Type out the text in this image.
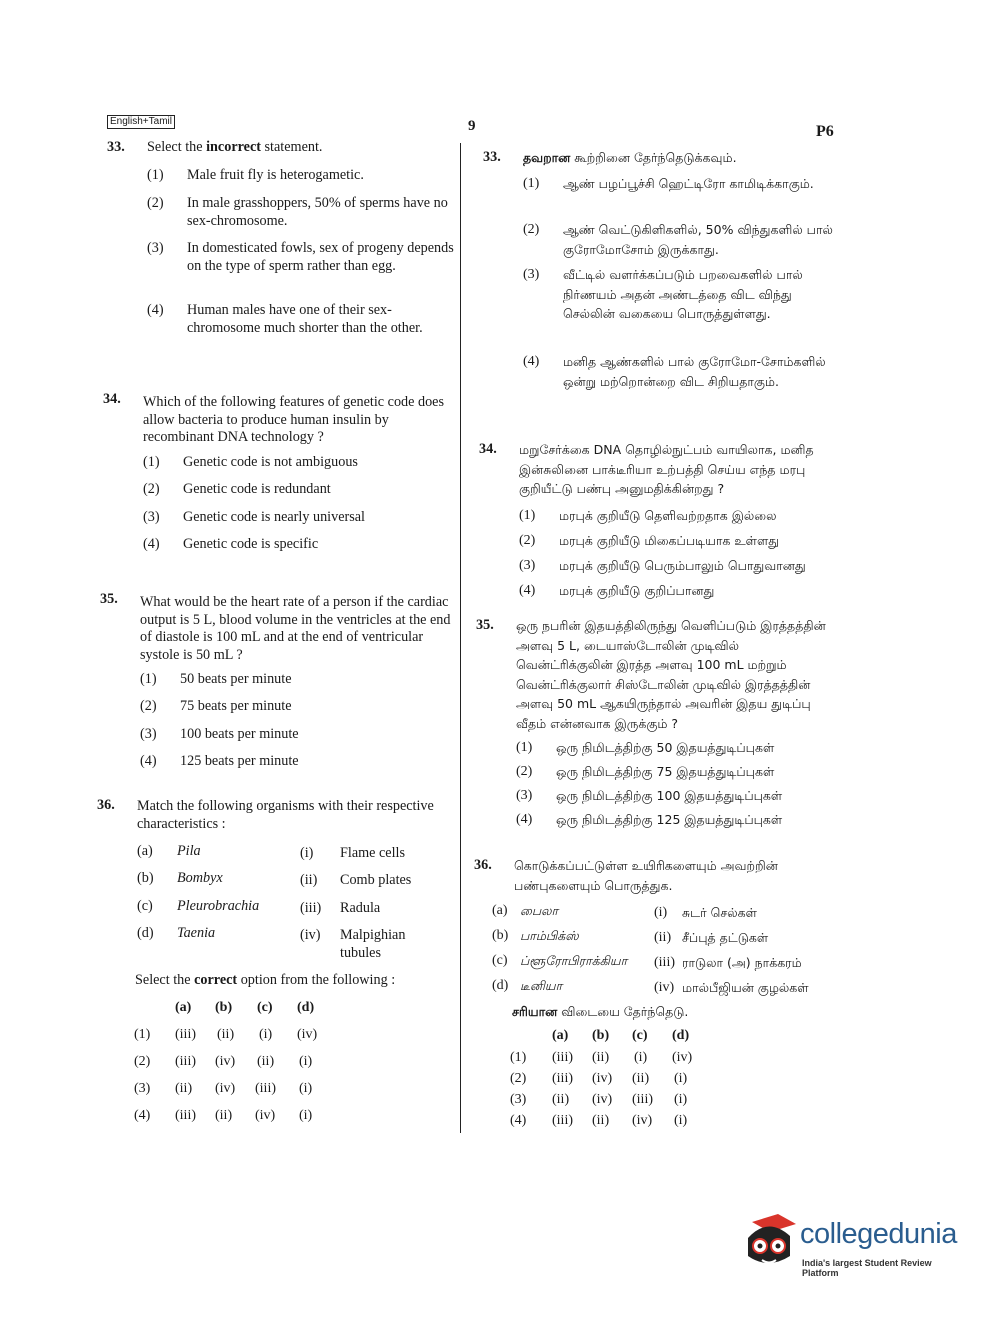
English+Tamil	9	P6
33. Select the incorrect statement.
(1) Male fruit fly is heterogametic.
(2) In male grasshoppers, 50% of sperms have no sex-chromosome.
(3) In domesticated fowls, sex of progeny depends on the type of sperm rather than egg.
(4) Human males have one of their sex-chromosome much shorter than the other.
34. Which of the following features of genetic code does allow bacteria to produce human insulin by recombinant DNA technology ?
(1) Genetic code is not ambiguous
(2) Genetic code is redundant
(3) Genetic code is nearly universal
(4) Genetic code is specific
35. What would be the heart rate of a person if the cardiac output is 5 L, blood volume in the ventricles at the end of diastole is 100 mL and at the end of ventricular systole is 50 mL ?
(1) 50 beats per minute
(2) 75 beats per minute
(3) 100 beats per minute
(4) 125 beats per minute
36. Match the following organisms with their respective characteristics :
(a) Pila
(b) Bombyx
(c) Pleurobrachia
(d) Taenia
(i) Flame cells
(ii) Comb plates
(iii) Radula
(iv) Malpighian tubules
Select the correct option from the following :
(a) (b) (c) (d)
(1) (iii) (ii) (i) (iv)
(2) (iii) (iv) (ii) (i)
(3) (ii) (iv) (iii) (i)
(4) (iii) (ii) (iv) (i)
33. தவறான கூற்றினை தேர்ந்தெடுக்கவும்.
(1) ஆண் பழப்பூச்சி ஹெட்டிரோ காமிடிக்காகும்.
(2) ஆண் வெட்டுகிளிகளில், 50% விந்துகளில் பால் குரோமோசோம் இருக்காது.
(3) வீட்டில் வளர்க்கப்படும் பறவைகளில் பால் நிர்ணயம் அதன் அண்டத்தை விட விந்து செல்லின் வகையை பொருத்துள்ளது.
(4) மனித ஆண்களில் பால் குரோமோ-சோம்களில் ஒன்று மற்றொன்றை விட சிறியதாகும்.
34. மறுசேர்க்கை DNA தொழில்நுட்பம் வாயிலாக, மனித இன்சுலினை பாக்டீரியா உற்பத்தி செய்ய எந்த மரபு குறியீட்டு பண்பு அனுமதிக்கின்றது ?
(1) மரபுக் குறியீடு தெளிவற்றதாக இல்லை
(2) மரபுக் குறியீடு மிகைப்படியாக உள்ளது
(3) மரபுக் குறியீடு பெரும்பாலும் பொதுவானது
(4) மரபுக் குறியீடு குறிப்பானது
35. ஒரு நபரின் இதயத்திலிருந்து வெளிப்படும் இரத்தத்தின் அளவு 5 L, டையாஸ்டோலின் முடிவில் வென்ட்ரிக்குலின் இரத்த அளவு 100 mL மற்றும் வென்ட்ரிக்குலார் சிஸ்டோலின் முடிவில் இரத்தத்தின் அளவு 50 mL ஆகயிருந்தால் அவரின் இதய துடிப்பு வீதம் என்னவாக இருக்கும் ?
(1) ஒரு நிமிடத்திற்கு 50 இதயத்துடிப்புகள்
(2) ஒரு நிமிடத்திற்கு 75 இதயத்துடிப்புகள்
(3) ஒரு நிமிடத்திற்கு 100 இதயத்துடிப்புகள்
(4) ஒரு நிமிடத்திற்கு 125 இதயத்துடிப்புகள்
36. கொடுக்கப்பட்டுள்ள உயிரிகளையும் அவற்றின் பண்புகளையும் பொருத்துக.
(a) பைலா
(b) பாம்பிக்ஸ்
(c) ப்ளூரோபிராக்கியா
(d) டீனியா
(i) சுடர் செல்கள்
(ii) சீப்புத் தட்டுகள்
(iii) ராடுலா (அ) நாக்கரம்
(iv) மால்பீஜியன் குழல்கள்
சரியான விடையை தேர்ந்தெடு.
(a) (b) (c) (d)
(1) (iii) (ii) (i) (iv)
(2) (iii) (iv) (ii) (i)
(3) (ii) (iv) (iii) (i)
(4) (iii) (ii) (iv) (i)
collegedunia
India's largest Student Review Platform
